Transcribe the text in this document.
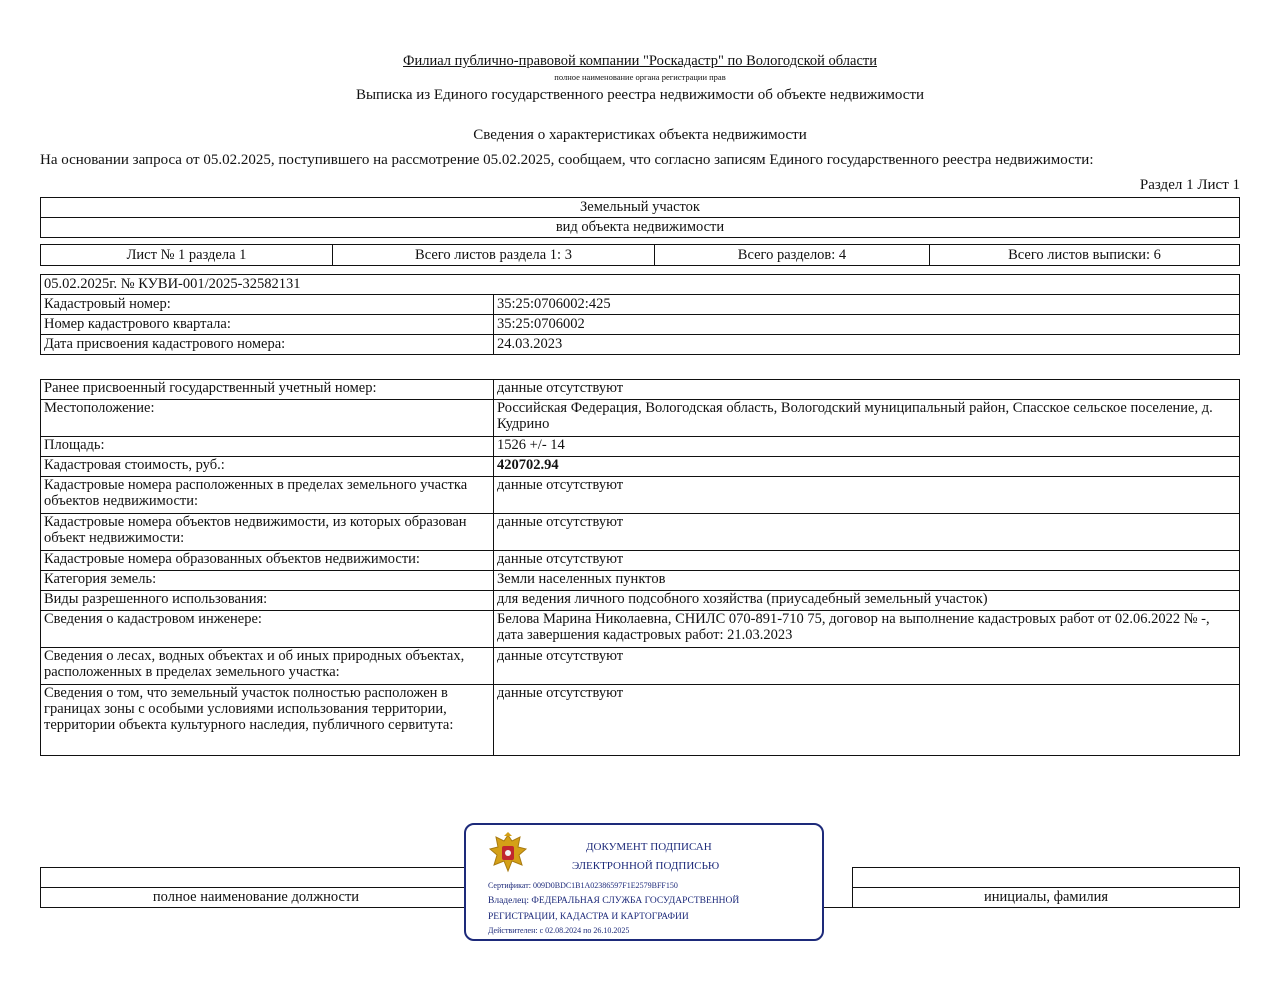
Филиал публично-правовой компании "Роскадастр" по Вологодской области
полное наименование органа регистрации прав
Выписка из Единого государственного реестра недвижимости об объекте недвижимости
Сведения о характеристиках объекта недвижимости
На основании запроса от 05.02.2025, поступившего на рассмотрение 05.02.2025, сообщаем, что согласно записям Единого государственного реестра недвижимости:
Раздел 1 Лист 1
Земельный участок
вид объекта недвижимости
Лист № 1 раздела 1	Всего листов раздела 1: 3	Всего разделов: 4	Всего листов выписки: 6
05.02.2025г. № КУВИ-001/2025-32582131	
Кадастровый номер:	35:25:0706002:425
Номер кадастрового квартала:	35:25:0706002
Дата присвоения кадастрового номера:	24.03.2023
Ранее присвоенный государственный учетный номер:	данные отсутствуют
Местоположение:	Российская Федерация, Вологодская область, Вологодский муниципальный район, Спасское сельское поселение, д. Кудрино
Площадь:	1526 +/- 14
Кадастровая стоимость, руб.:	420702.94
Кадастровые номера расположенных в пределах земельного участка объектов недвижимости:	данные отсутствуют
Кадастровые номера объектов недвижимости, из которых образован объект недвижимости:	данные отсутствуют
Кадастровые номера образованных объектов недвижимости:	данные отсутствуют
Категория земель:	Земли населенных пунктов
Виды разрешенного использования:	для ведения личного подсобного хозяйства (приусадебный земельный участок)
Сведения о кадастровом инженере:	Белова Марина Николаевна, СНИЛС 070-891-710 75, договор на выполнение кадастровых работ от 02.06.2022 № -, дата завершения кадастровых работ: 21.03.2023
Сведения о лесах, водных объектах и об иных природных объектах, расположенных в пределах земельного участка:	данные отсутствуют
Сведения о том, что земельный участок полностью расположен в границах зоны с особыми условиями использования территории, территории объекта культурного наследия, публичного сервитута:	данные отсутствуют

полное наименование должности		инициалы, фамилия
ДОКУМЕНТ ПОДПИСАН
ЭЛЕКТРОННОЙ ПОДПИСЬЮ
Сертификат: 009D0BDC1B1A02386597F1E2579BFF150
Владелец: ФЕДЕРАЛЬНАЯ СЛУЖБА ГОСУДАРСТВЕННОЙ
РЕГИСТРАЦИИ, КАДАСТРА И КАРТОГРАФИИ
Действителен: с 02.08.2024 по 26.10.2025
